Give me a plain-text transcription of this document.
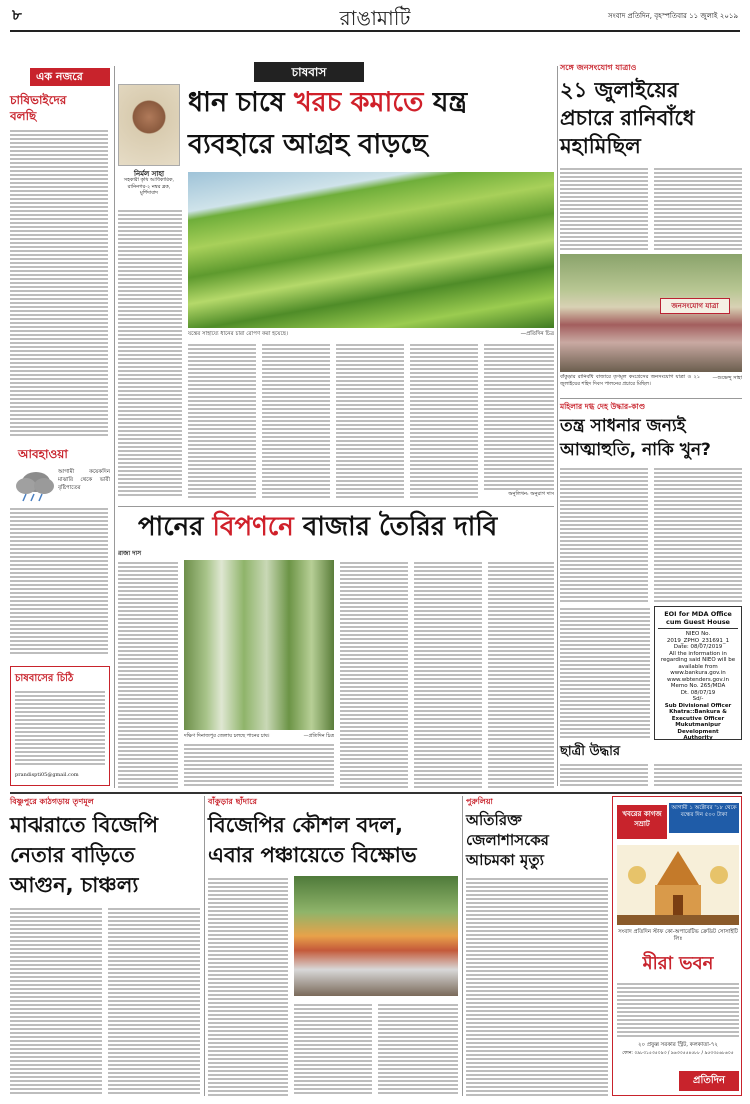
৮	রাঙামাটি	সংবাদ প্রতিদিন, বৃহস্পতিবার ১১ জুলাই ২০১৯
এক নজরে
চাষিভাইদের
বলছি
আবহাওয়া
আগামী কয়েকদিন মাঝারি থেকে ভারী বৃষ্টিপাতের
চাষবাসের চিঠি
prandispti05@gmail.com
চাষবাস
নির্মল সাহা
সহকারী কৃষি আধিকারিক, রানিনগর-২ নম্বর ব্লক, মুর্শিদাবাদ
ধান চাষে খরচ কমাতে যন্ত্র
ব্যবহারে আগ্রহ বাড়ছে
যন্ত্রের সাহায্যে ধানের চারা রোপণ করা হয়েছে।	—প্রতিদিন চিত্র
অনুলিখন: অনুরাগ দাস
সঙ্গে জনসংযোগ যাত্রাও
২১ জুলাইয়ের
প্রচারে রানিবাঁধে
মহামিছিল
জনসংযোগ যাত্রা
বাঁকুড়ার রানিবাঁধ বাজারে তৃণমূল কংগ্রেসের জনসংযোগ যাত্রা ও ২১ জুলাইয়ের শহিদ দিবস পালনের প্রচারে মিছিল।
—শুভেন্দু সাহা
মহিলার দগ্ধ দেহ উদ্ধার-কাণ্ড
তন্ত্র সাধনার জন্যই
আত্মাহুতি, নাকি খুন?
EOI for MDA Office cum Guest House
NIEO No.
2019_ZPHO_231691_1
Date: 08/07/2019
All the information in
regarding said NIEO will be
available from
www.bankura.gov.in
www.wbtenders.gov.in
Memo No. 265/MDA
Dt. 08/07/19
Sd/-
Sub Divisional Officer
Khatra::Bankura &
Executive Officer
Mukutmanipur Development
Authority
ছাত্রী উদ্ধার
পানের বিপণনে বাজার তৈরির দাবি
রাজা দাস
দক্ষিণ দিনাজপুর জেলায় চলছে পানের চাষ।	—প্রতিদিন চিত্র
বিষ্ণুপুরে কাঠগড়ায় তৃণমূল
মাঝরাতে বিজেপি
নেতার বাড়িতে
আগুন, চাঞ্চল্য
বাঁকুড়ার ছাঁদারে
বিজেপির কৌশল বদল,
এবার পঞ্চায়েতে বিক্ষোভ
পুরুলিয়া
অতিরিক্ত
জেলাশাসকের
আচমকা মৃত্যু
আগামী ১ অক্টোবর '১৮ থেকে বন্ধের দিন ৫০০ টাকা
খবরের কাগজ সম্রাট
সংবাদ প্রতিদিন স্টাফ কো-অপারেটিভ ক্রেডিট সোসাইটি লিঃ
মীরা ভবন
২০ প্রফুল্ল সরকার স্ট্রিট, কলকাতা-৭২
ফোন: ০৯৮৩১৫৩৫০৯৩ / ৯৬৩৩৫৫৪৫৮৮ / ৯৫৩৩৫৬৮৬০৫
প্রতিদিন
